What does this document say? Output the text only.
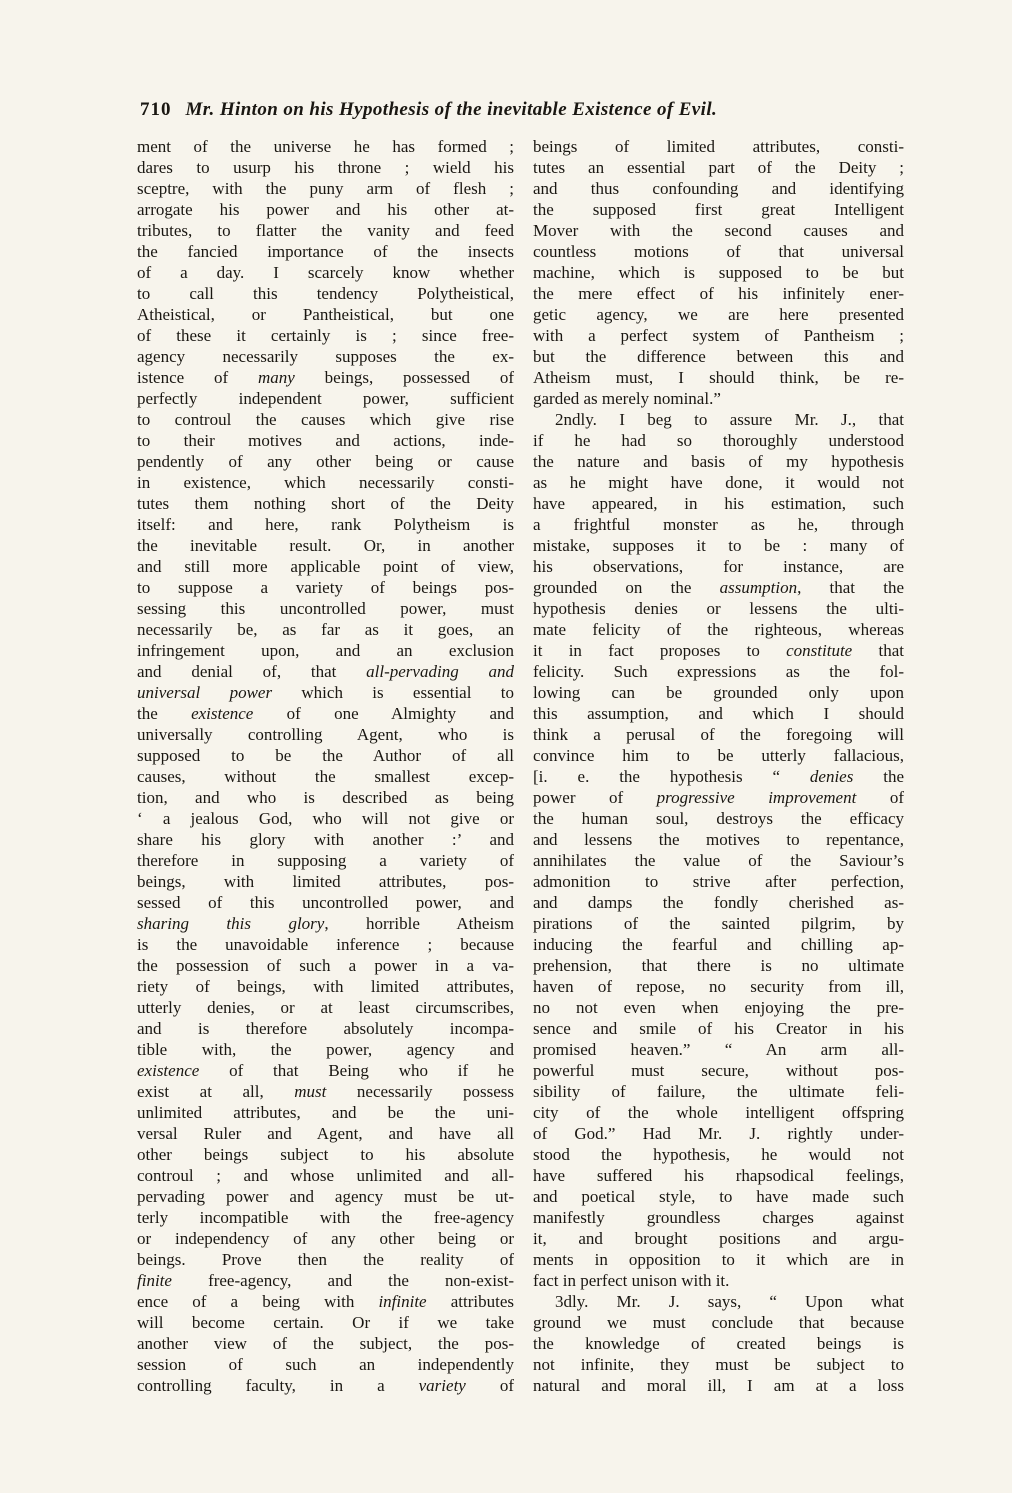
710 Mr. Hinton on his Hypothesis of the inevitable Existence of Evil.
ment of the universe he has formed ;
dares to usurp his throne ; wield his
sceptre, with the puny arm of flesh ;
arrogate his power and his other at-
tributes, to flatter the vanity and feed
the fancied importance of the insects
of a day. I scarcely know whether
to call this tendency Polytheistical,
Atheistical, or Pantheistical, but one
of these it certainly is ; since free-
agency necessarily supposes the ex-
istence of many beings, possessed of
perfectly independent power, sufficient
to controul the causes which give rise
to their motives and actions, inde-
pendently of any other being or cause
in existence, which necessarily consti-
tutes them nothing short of the Deity
itself: and here, rank Polytheism is
the inevitable result. Or, in another
and still more applicable point of view,
to suppose a variety of beings pos-
sessing this uncontrolled power, must
necessarily be, as far as it goes, an
infringement upon, and an exclusion
and denial of, that all-pervading and
universal power which is essential to
the existence of one Almighty and
universally controlling Agent, who is
supposed to be the Author of all
causes, without the smallest excep-
tion, and who is described as being
‘ a jealous God, who will not give or
share his glory with another :’ and
therefore in supposing a variety of
beings, with limited attributes, pos-
sessed of this uncontrolled power, and
sharing this glory, horrible Atheism
is the unavoidable inference ; because
the possession of such a power in a va-
riety of beings, with limited attributes,
utterly denies, or at least circumscribes,
and is therefore absolutely incompa-
tible with, the power, agency and
existence of that Being who if he
exist at all, must necessarily possess
unlimited attributes, and be the uni-
versal Ruler and Agent, and have all
other beings subject to his absolute
controul ; and whose unlimited and all-
pervading power and agency must be ut-
terly incompatible with the free-agency
or independency of any other being or
beings. Prove then the reality of
finite free-agency, and the non-exist-
ence of a being with infinite attributes
will become certain. Or if we take
another view of the subject, the pos-
session of such an independently
controlling faculty, in a variety of
beings of limited attributes, consti-
tutes an essential part of the Deity ;
and thus confounding and identifying
the supposed first great Intelligent
Mover with the second causes and
countless motions of that universal
machine, which is supposed to be but
the mere effect of his infinitely ener-
getic agency, we are here presented
with a perfect system of Pantheism ;
but the difference between this and
Atheism must, I should think, be re-
garded as merely nominal.”
2ndly. I beg to assure Mr. J., that
if he had so thoroughly understood
the nature and basis of my hypothesis
as he might have done, it would not
have appeared, in his estimation, such
a frightful monster as he, through
mistake, supposes it to be : many of
his observations, for instance, are
grounded on the assumption, that the
hypothesis denies or lessens the ulti-
mate felicity of the righteous, whereas
it in fact proposes to constitute that
felicity. Such expressions as the fol-
lowing can be grounded only upon
this assumption, and which I should
think a perusal of the foregoing will
convince him to be utterly fallacious,
[i. e. the hypothesis “ denies the
power of progressive improvement of
the human soul, destroys the efficacy
and lessens the motives to repentance,
annihilates the value of the Saviour’s
admonition to strive after perfection,
and damps the fondly cherished as-
pirations of the sainted pilgrim, by
inducing the fearful and chilling ap-
prehension, that there is no ultimate
haven of repose, no security from ill,
no not even when enjoying the pre-
sence and smile of his Creator in his
promised heaven.” “ An arm all-
powerful must secure, without pos-
sibility of failure, the ultimate feli-
city of the whole intelligent offspring
of God.” Had Mr. J. rightly under-
stood the hypothesis, he would not
have suffered his rhapsodical feelings,
and poetical style, to have made such
manifestly groundless charges against
it, and brought positions and argu-
ments in opposition to it which are in
fact in perfect unison with it.
3dly. Mr. J. says, “ Upon what
ground we must conclude that because
the knowledge of created beings is
not infinite, they must be subject to
natural and moral ill, I am at a loss
